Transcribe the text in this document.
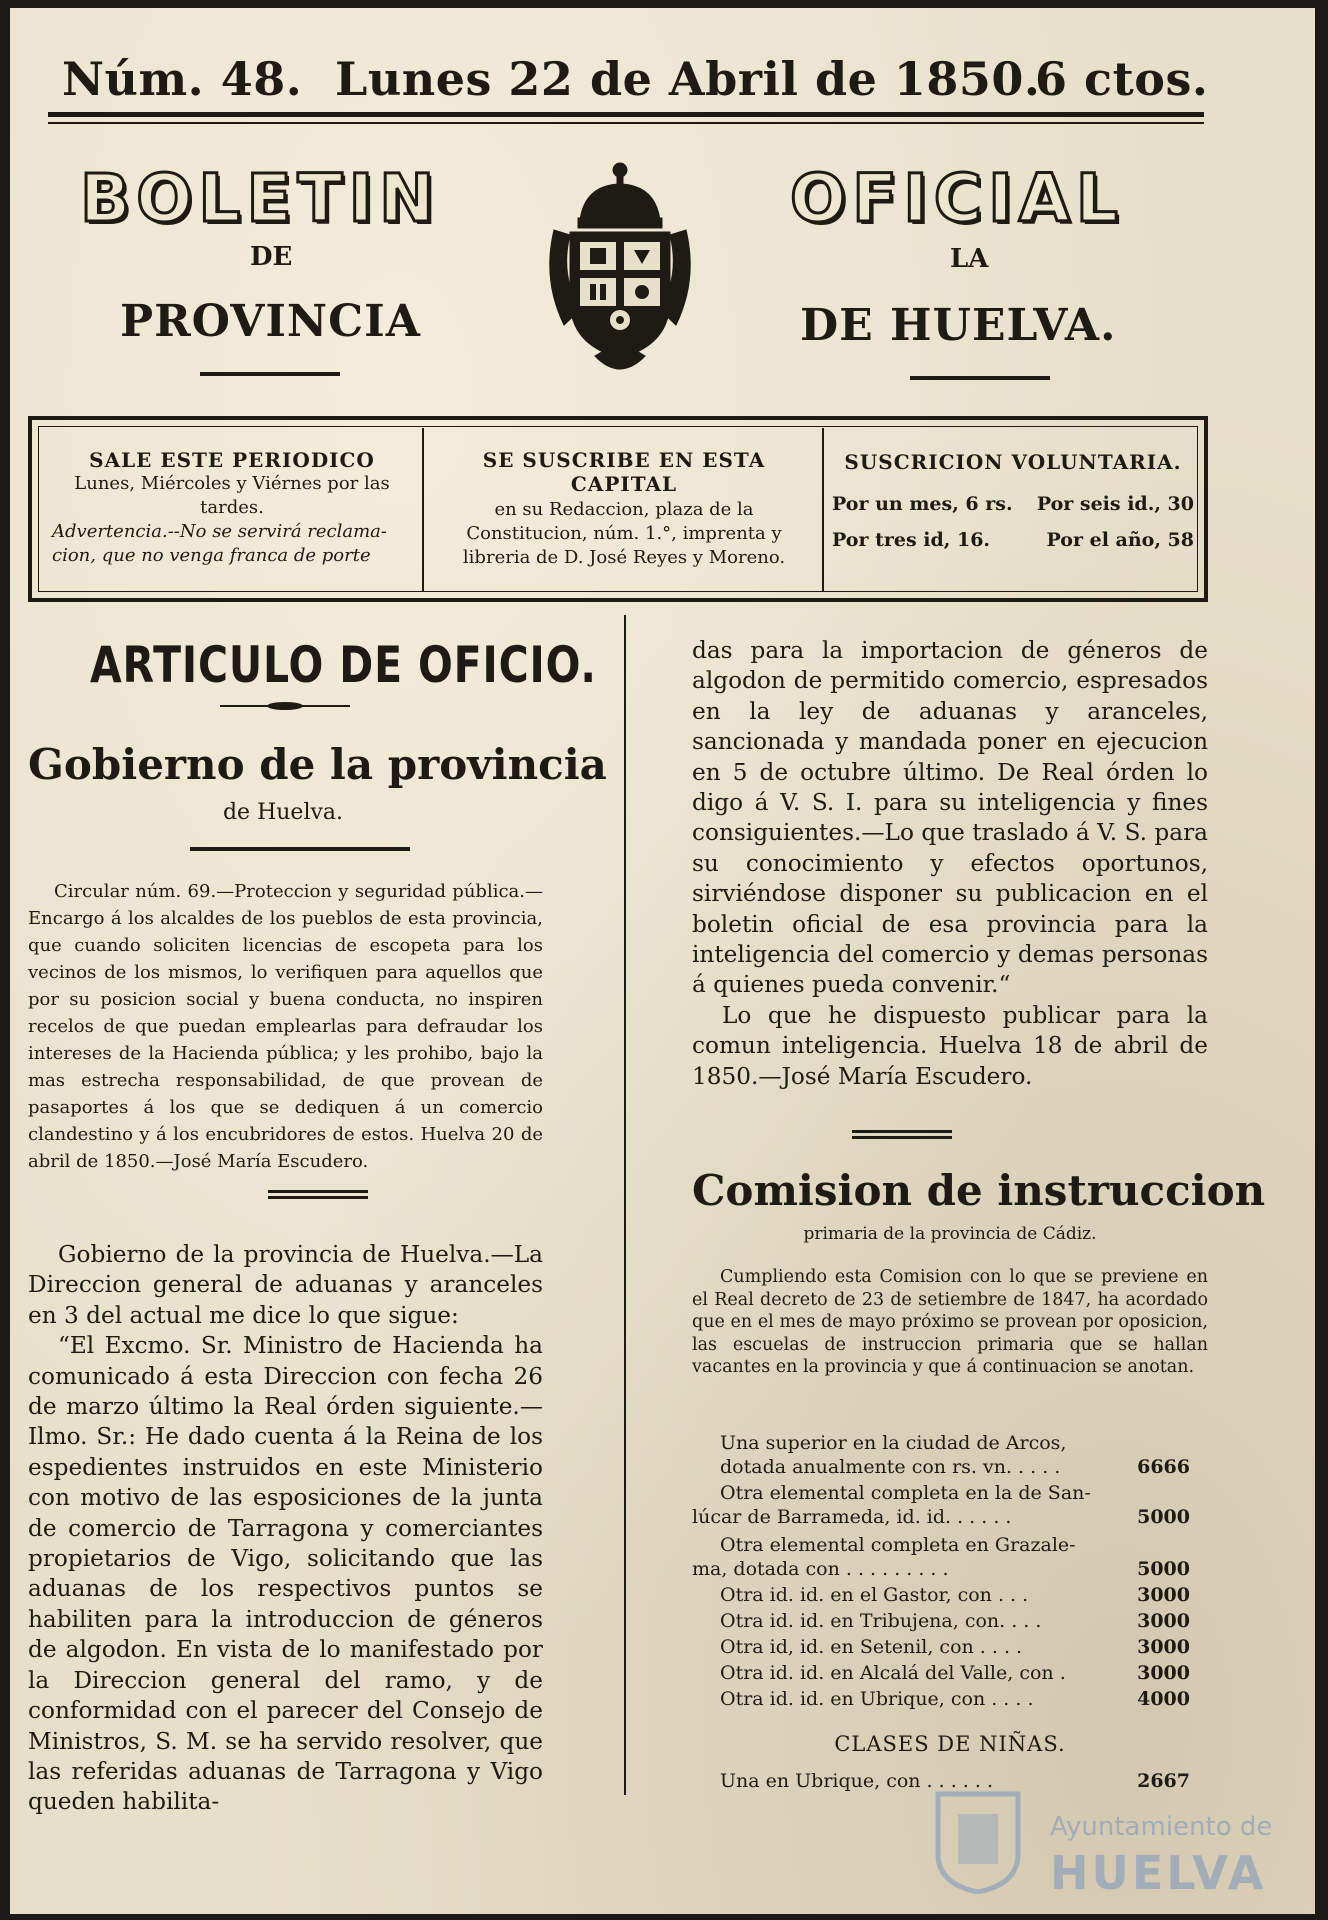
Núm. 48. Lunes 22 de Abril de 1850.
6 ctos.
BOLETIN	OFICIAL
DE	LA
PROVINCIA	DE HUELVA.
SALE ESTE PERIODICO
Lunes, Miércoles y Viérnes por las tardes.
Advertencia.--No se servirá reclama-cion, que no venga franca de porte
SE SUSCRIBE EN ESTA CAPITAL
en su Redaccion, plaza de la Constitucion, núm. 1.°, imprenta y libreria de D. José Reyes y Moreno.
SUSCRICION VOLUNTARIA.
Por un mes, 6 rs. Por seis id., 30
Por tres id, 16.	Por el año, 58
ARTICULO DE OFICIO.
Gobierno de la provincia
de Huelva.
Circular núm. 69.—Proteccion y seguridad pública.—Encargo á los alcaldes de los pueblos de esta provincia, que cuando soliciten licencias de escopeta para los vecinos de los mismos, lo verifiquen para aquellos que por su posicion social y buena conducta, no inspiren recelos de que puedan emplearlas para defraudar los intereses de la Hacienda pública; y les prohibo, bajo la mas estrecha responsabilidad, de que provean de pasaportes á los que se dediquen á un comercio clandestino y á los encubridores de estos. Huelva 20 de abril de 1850.—José María Escudero.

Gobierno de la provincia de Huelva.—La Direccion general de aduanas y aranceles en 3 del actual me dice lo que sigue:

“El Excmo. Sr. Ministro de Hacienda ha comunicado á esta Direccion con fecha 26 de marzo último la Real órden siguiente.—Ilmo. Sr.: He dado cuenta á la Reina de los espedientes instruidos en este Ministerio con motivo de las esposiciones de la junta de comercio de Tarragona y comerciantes propietarios de Vigo, solicitando que las aduanas de los respectivos puntos se habiliten para la introduccion de géneros de algodon. En vista de lo manifestado por la Direccion general del ramo, y de conformidad con el parecer del Consejo de Ministros, S. M. se ha servido resolver, que las referidas aduanas de Tarragona y Vigo queden habilita-

das para la importacion de géneros de algodon de permitido comercio, espresados en la ley de aduanas y aranceles, sancionada y mandada poner en ejecucion en 5 de octubre último. De Real órden lo digo á V. S. I. para su inteligencia y fines consiguientes.—Lo que traslado á V. S. para su conocimiento y efectos oportunos, sirviéndose disponer su publicacion en el boletin oficial de esa provincia para la inteligencia del comercio y demas personas á quienes pueda convenir.“

Lo que he dispuesto publicar para la comun inteligencia. Huelva 18 de abril de 1850.—José María Escudero.

Comision de instruccion
primaria de la provincia de Cádiz.
Cumpliendo esta Comision con lo que se previene en el Real decreto de 23 de setiembre de 1847, ha acordado que en el mes de mayo próximo se provean por oposicion, las escuelas de instruccion primaria que se hallan vacantes en la provincia y que á continuacion se anotan.
Una superior en la ciudad de Arcos,
dotada anualmente con rs. vn. . . . .	6666
Otra elemental completa en la de San-
lúcar de Barrameda, id. id. . . . . .	5000
Otra elemental completa en Grazale-
ma, dotada con . . . . . . . . .	5000
Otra id. id. en el Gastor, con . . .	3000
Otra id. id. en Tribujena, con. . . .	3000
Otra id, id. en Setenil, con . . . .	3000
Otra id. id. en Alcalá del Valle, con .	3000
Otra id. id. en Ubrique, con . . . .	4000
CLASES DE NIÑAS.
Una en Ubrique, con . . . . . .	2667
Ayuntamiento de
HUELVA
